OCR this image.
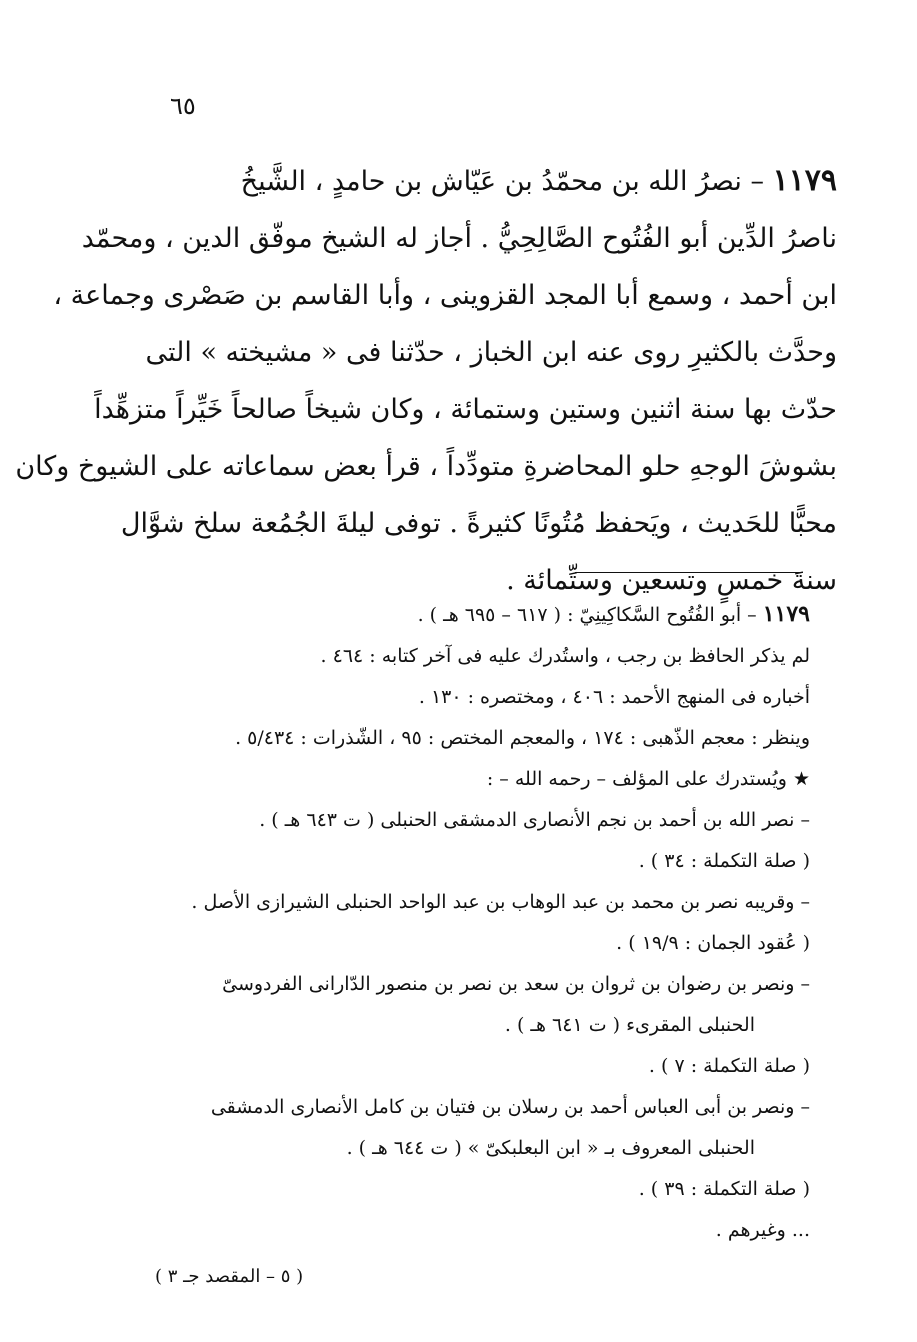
٦٥
١١٧٩ – نصرُ الله بن محمّدُ بن عَيّاش بن حامدٍ ، الشَّيخُ
ناصرُ الدِّين أبو الفُتُوح الصَّالِحِيُّ . أجاز له الشيخ موفّق الدين ، ومحمّد
ابن أحمد ، وسمع أبا المجد القزوينى ، وأبا القاسم بن صَصْرى وجماعة ،
وحدَّث بالكثيرِ روى عنه ابن الخباز ، حدّثنا فى « مشيخته » التى
حدّث بها سنة اثنين وستين وستمائة ، وكان شيخاً صالحاً خَيِّراً متزهِّداً
بشوشَ الوجهِ حلو المحاضرةِ متودِّداً ، قرأ بعض سماعاته على الشيوخ وكان
محبًّا للحَديث ، ويَحفظ مُتُونًا كثيرةً . توفى ليلةَ الجُمُعة سلخ شوَّال
سنةَ خمسٍ وتسعين وستِّمائة .
١١٧٩ – أبو الفُتُوح السَّكاكِينِيّ : ( ٦١٧ – ٦٩٥ هـ ) .
لم يذكر الحافظ بن رجب ، واستُدرك عليه فى آخر كتابه : ٤٦٤ .
أخباره فى المنهج الأحمد : ٤٠٦ ، ومختصره : ١٣٠ .
وينظر : معجم الذّهبى : ١٧٤ ، والمعجم المختص : ٩٥ ، الشّذرات : ٥/٤٣٤ .
★ ويُستدرك على المؤلف – رحمه الله – :
– نصر الله بن أحمد بن نجم الأنصارى الدمشقى الحنبلى ( ت ٦٤٣ هـ ) .
( صلة التكملة : ٣٤ ) .
– وقريبه نصر بن محمد بن عبد الوهاب بن عبد الواحد الحنبلى الشيرازى الأصل .
( عُقود الجمان : ١٩/٩ ) .
– ونصر بن رضوان بن ثروان بن سعد بن نصر بن منصور الدّارانى الفردوسىّ
الحنبلى المقرىء ( ت ٦٤١ هـ ) .
( صلة التكملة : ٧ ) .
– ونصر بن أبى العباس أحمد بن رسلان بن فتيان بن كامل الأنصارى الدمشقى
الحنبلى المعروف بـ « ابن البعلبكىّ » ( ت ٦٤٤ هـ ) .
( صلة التكملة : ٣٩ ) .
... وغيرهم .
( ٥ – المقصد جـ ٣ )
